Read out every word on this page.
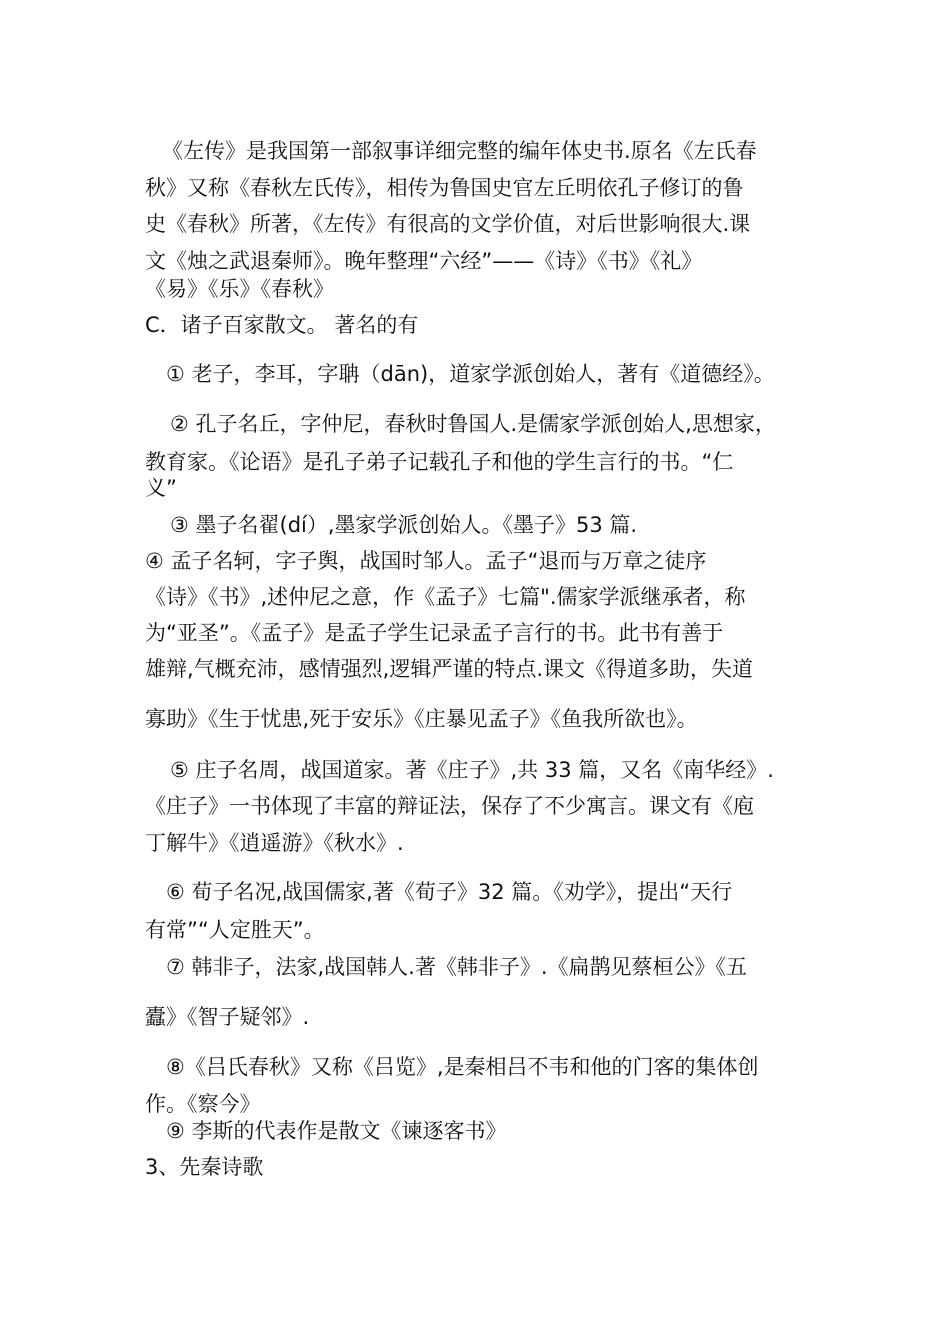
《左传》是我国第一部叙事详细完整的编年体史书.原名《左氏春
秋》又称《春秋左氏传》，相传为鲁国史官左丘明依孔子修订的鲁
史《春秋》所著，《左传》有很高的文学价值，对后世影响很大.课
文《烛之武退秦师》。晚年整理“六经”——《诗》《书》《礼》
《易》《乐》《春秋》
C．诸子百家散文。 著名的有
① 老子，李耳，字聃（dān)，道家学派创始人，著有《道德经》。
② 孔子名丘，字仲尼，春秋时鲁国人.是儒家学派创始人,思想家，
教育家。《论语》是孔子弟子记载孔子和他的学生言行的书。“仁
义”
③ 墨子名翟(dí）,墨家学派创始人。《墨子》53 篇.
④ 孟子名轲，字子舆，战国时邹人。孟子“退而与万章之徒序
《诗》《书》,述仲尼之意，作《孟子》七篇".儒家学派继承者，称
为“亚圣”。《孟子》是孟子学生记录孟子言行的书。此书有善于
雄辩,气概充沛，感情强烈,逻辑严谨的特点.课文《得道多助，失道
寡助》《生于忧患,死于安乐》《庄暴见孟子》《鱼我所欲也》。
⑤ 庄子名周，战国道家。著《庄子》,共 33 篇，又名《南华经》.
《庄子》一书体现了丰富的辩证法，保存了不少寓言。课文有《庖
丁解牛》《逍遥游》《秋水》.
⑥ 荀子名况,战国儒家,著《荀子》32 篇。《劝学》，提出“天行
有常”“人定胜天”。
⑦ 韩非子，法家,战国韩人.著《韩非子》.《扁鹊见蔡桓公》《五
蠹》《智子疑邻》.
⑧《吕氏春秋》又称《吕览》,是秦相吕不韦和他的门客的集体创
作。《察今》
⑨ 李斯的代表作是散文《谏逐客书》
3、先秦诗歌
